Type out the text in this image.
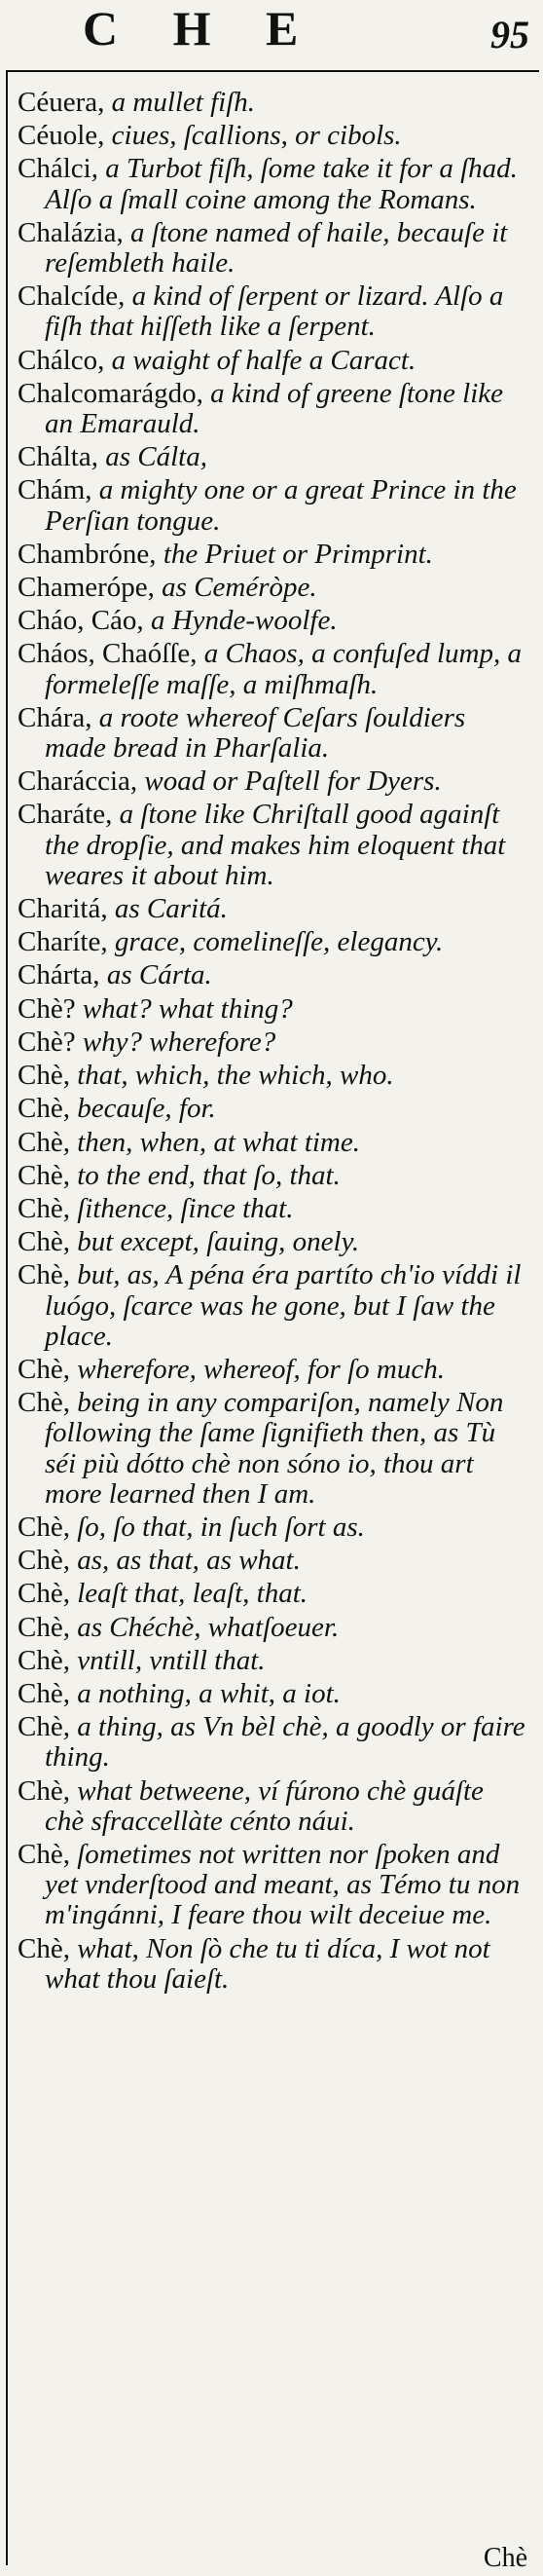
C H E	95
Céuera, a mullet fiſh.
Céuole, ciues, ſcallions, or cibols.
Chálci, a Turbot fiſh, ſome take it for a ſhad. Alſo a ſmall coine among the Romans.
Chalázia, a ſtone named of haile, becauſe it reſembleth haile.
Chalcíde, a kind of ſerpent or lizard. Alſo a fiſh that hiſſeth like a ſerpent.
Chálco, a waight of halfe a Caract.
Chalcomarágdo, a kind of greene ſtone like an Emarauld.
Chálta, as Cálta,
Chám, a mighty one or a great Prince in the Perſian tongue.
Chambróne, the Priuet or Primprint.
Chamerópe, as Ceméròpe.
Cháo, Cáo, a Hynde-woolfe.
Cháos, Chaóſſe, a Chaos, a confuſed lump, a formeleſſe maſſe, a miſhmaſh.
Chára, a roote whereof Ceſars ſouldiers made bread in Pharſalia.
Charáccia, woad or Paſtell for Dyers.
Charáte, a ſtone like Chriſtall good againſt the dropſie, and makes him eloquent that weares it about him.
Charitá, as Caritá.
Charíte, grace, comelineſſe, elegancy.
Chárta, as Cárta.
Chè? what? what thing?
Chè? why? wherefore?
Chè, that, which, the which, who.
Chè, becauſe, for.
Chè, then, when, at what time.
Chè, to the end, that ſo, that.
Chè, ſithence, ſince that.
Chè, but except, ſauing, onely.
Chè, but, as, A péna éra partíto ch'io víddi il luógo, ſcarce was he gone, but I ſaw the place.
Chè, wherefore, whereof, for ſo much.
Chè, being in any compariſon, namely Non following the ſame ſignifieth then, as Tù séi più dótto chè non sóno io, thou art more learned then I am.
Chè, ſo, ſo that, in ſuch ſort as.
Chè, as, as that, as what.
Chè, leaſt that, leaſt, that.
Chè, as Chéchè, whatſoeuer.
Chè, vntill, vntill that.
Chè, a nothing, a whit, a iot.
Chè, a thing, as Vn bèl chè, a goodly or faire thing.
Chè, what betweene, ví fúrono chè guáſte chè sfraccellàte cénto náui.
Chè, ſometimes not written nor ſpoken and yet vnderſtood and meant, as Témo tu non m'ingánni, I feare thou wilt deceiue me.
Chè, what, Non ſò che tu ti díca, I wot not what thou ſaieſt.
Chè
